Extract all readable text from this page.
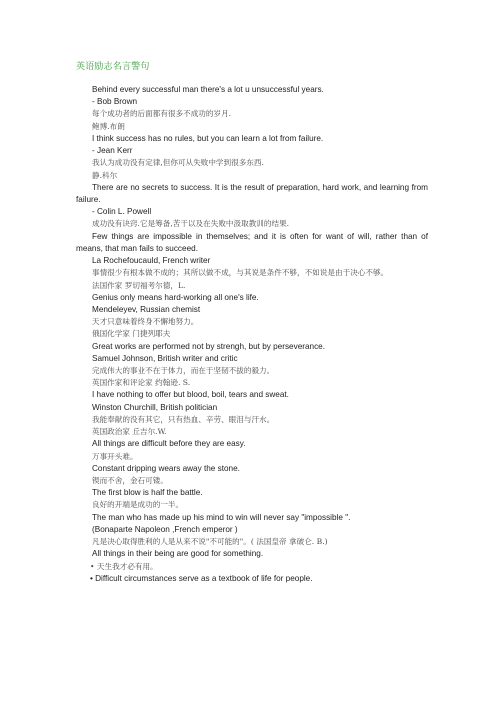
英语励志名言警句
Behind every successful man there's a lot u unsuccessful years.
- Bob Brown
每个成功者的后面都有很多不成功的岁月.
鲍博.布朗
I think success has no rules, but you can learn a lot from failure.
- Jean Kerr
我认为成功没有定律,但你可从失败中学到很多东西.
静.科尔
There are no secrets to success. It is the result of preparation, hard work, and learning from failure.
- Colin L. Powell
成功没有诀窍.它是筹备,苦干以及在失败中汲取教训的结果.
Few things are impossible in themselves; and it is often for want of will, rather than of means, that man fails to succeed.
La Rochefoucauld, French writer
事情很少有根本做不成的；其所以做不成，与其说是条件不够，不如说是由于决心不够。
法国作家 罗切福考尔德，L.
Genius only means hard-working all one's life.
Mendeleyev, Russian chemist
天才只意味着终身不懈地努力。
俄国化学家 门捷列耶夫
Great works are performed not by strengh, but by perseverance.
Samuel Johnson, British writer and critic
完成伟大的事业不在于体力，而在于坚韧不拔的毅力。
英国作家和评论家 约翰逊. S.
I have nothing to offer but blood, boil, tears and sweat.
Winston Churchill, British politician
我能奉献的没有其它，只有热血、辛劳、眼泪与汗水。
英国政治家 丘吉尔.W.
All things are difficult before they are easy.
万事开头难。
Constant dripping wears away the stone.
锲而不舍，金石可镂。
The first blow is half the battle.
良好的开端是成功的一半。
The man who has made up his mind to win will never say "impossible ".
(Bonaparte Napoleon ,French emperor )
凡是决心取得胜利的人是从来不说"不可能的"。( 法国皇帝 拿破仑. B.)
All things in their being are good for something.
• 天生我才必有用。
• Difficult circumstances serve as a textbook of life for people.
